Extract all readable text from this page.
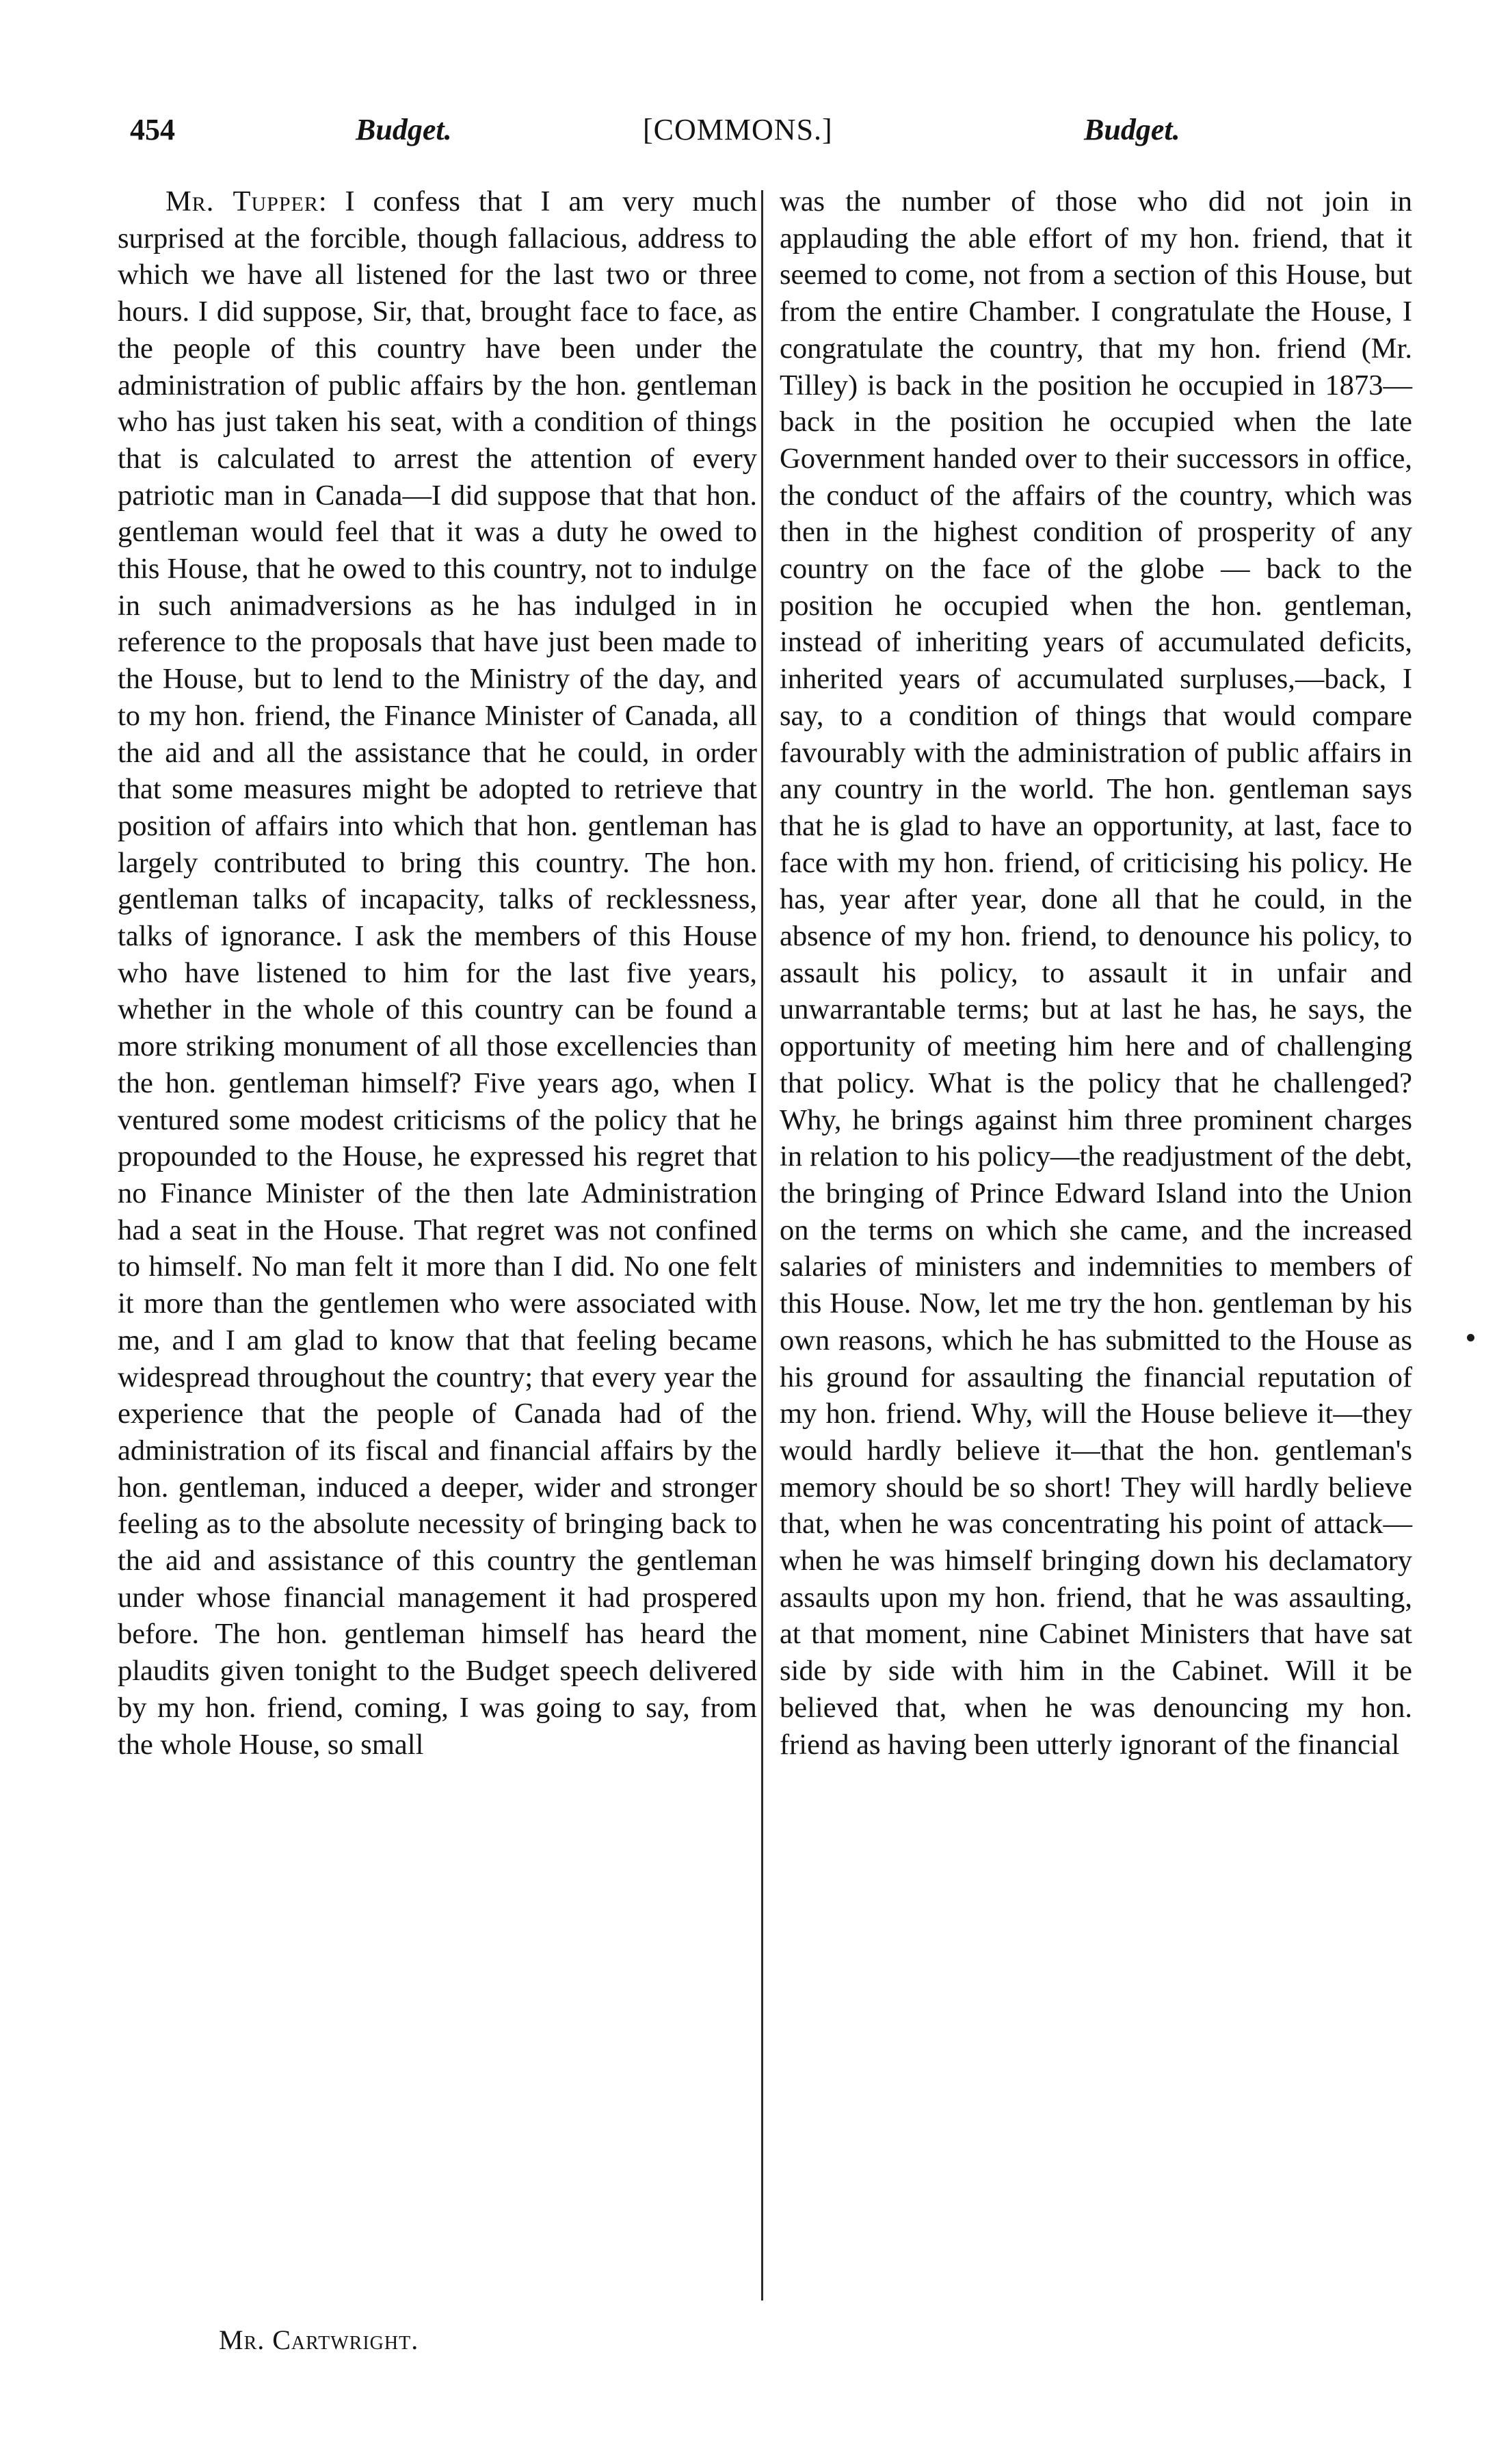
454	Budget.	[COMMONS.]	Budget.

Mr. Tupper: I confess that I am very much surprised at the forcible, though fallacious, address to which we have all listened for the last two or three hours. I did suppose, Sir, that, brought face to face, as the people of this country have been under the administration of public affairs by the hon. gentleman who has just taken his seat, with a condition of things that is calculated to arrest the attention of every patriotic man in Canada—I did suppose that that hon. gentleman would feel that it was a duty he owed to this House, that he owed to this country, not to indulge in such animadversions as he has indulged in in reference to the proposals that have just been made to the House, but to lend to the Ministry of the day, and to my hon. friend, the Finance Minister of Canada, all the aid and all the assistance that he could, in order that some measures might be adopted to retrieve that position of affairs into which that hon. gentleman has largely contributed to bring this country. The hon. gentleman talks of incapacity, talks of recklessness, talks of ignorance. I ask the members of this House who have listened to him for the last five years, whether in the whole of this country can be found a more striking monument of all those excellencies than the hon. gentleman himself? Five years ago, when I ventured some modest criticisms of the policy that he propounded to the House, he expressed his regret that no Finance Minister of the then late Administration had a seat in the House. That regret was not confined to himself. No man felt it more than I did. No one felt it more than the gentlemen who were associated with me, and I am glad to know that that feeling became widespread throughout the country; that every year the experience that the people of Canada had of the administration of its fiscal and financial affairs by the hon. gentleman, induced a deeper, wider and stronger feeling as to the absolute necessity of bringing back to the aid and assistance of this country the gentleman under whose financial management it had prospered before. The hon. gentleman himself has heard the plaudits given tonight to the Budget speech delivered by my hon. friend, coming, I was going to say, from the whole House, so small

was the number of those who did not join in applauding the able effort of my hon. friend, that it seemed to come, not from a section of this House, but from the entire Chamber. I congratulate the House, I congratulate the country, that my hon. friend (Mr. Tilley) is back in the position he occupied in 1873—back in the position he occupied when the late Government handed over to their successors in office, the conduct of the affairs of the country, which was then in the highest condition of prosperity of any country on the face of the globe — back to the position he occupied when the hon. gentleman, instead of inheriting years of accumulated deficits, inherited years of accumulated surpluses,—back, I say, to a condition of things that would compare favourably with the administration of public affairs in any country in the world. The hon. gentleman says that he is glad to have an opportunity, at last, face to face with my hon. friend, of criticising his policy. He has, year after year, done all that he could, in the absence of my hon. friend, to denounce his policy, to assault his policy, to assault it in unfair and unwarrantable terms; but at last he has, he says, the opportunity of meeting him here and of challenging that policy. What is the policy that he challenged? Why, he brings against him three prominent charges in relation to his policy—the readjustment of the debt, the bringing of Prince Edward Island into the Union on the terms on which she came, and the increased salaries of ministers and indemnities to members of this House. Now, let me try the hon. gentleman by his own reasons, which he has submitted to the House as his ground for assaulting the financial reputation of my hon. friend. Why, will the House believe it—they would hardly believe it—that the hon. gentleman's memory should be so short! They will hardly believe that, when he was concentrating his point of attack—when he was himself bringing down his declamatory assaults upon my hon. friend, that he was assaulting, at that moment, nine Cabinet Ministers that have sat side by side with him in the Cabinet. Will it be believed that, when he was denouncing my hon. friend as having been utterly ignorant of the financial

Mr. Cartwright.
